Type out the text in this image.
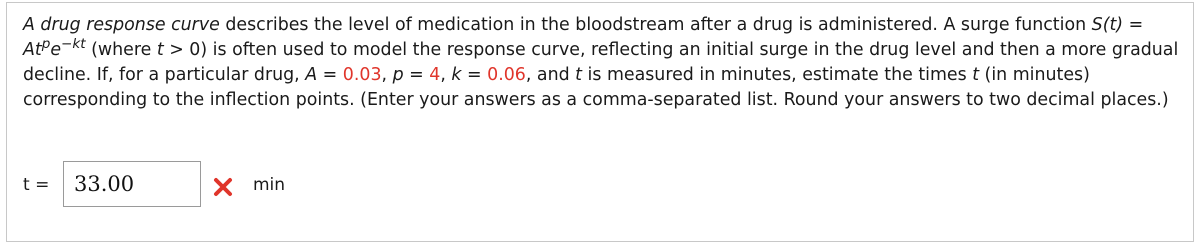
A drug response curve describes the level of medication in the bloodstream after a drug is administered. A surge function $S(t) = At^pe^{-kt}$ (where t > 0) is often used to model the response curve, reflecting an initial surge in the drug level and then a more gradual decline. If, for a particular drug, A = 0.03, p = 4, k = 0.06, and t is measured in minutes, estimate the times t (in minutes) corresponding to the inflection points. (Enter your answers as a comma-separated list. Round your answers to two decimal places.)
t =	33.00	min
